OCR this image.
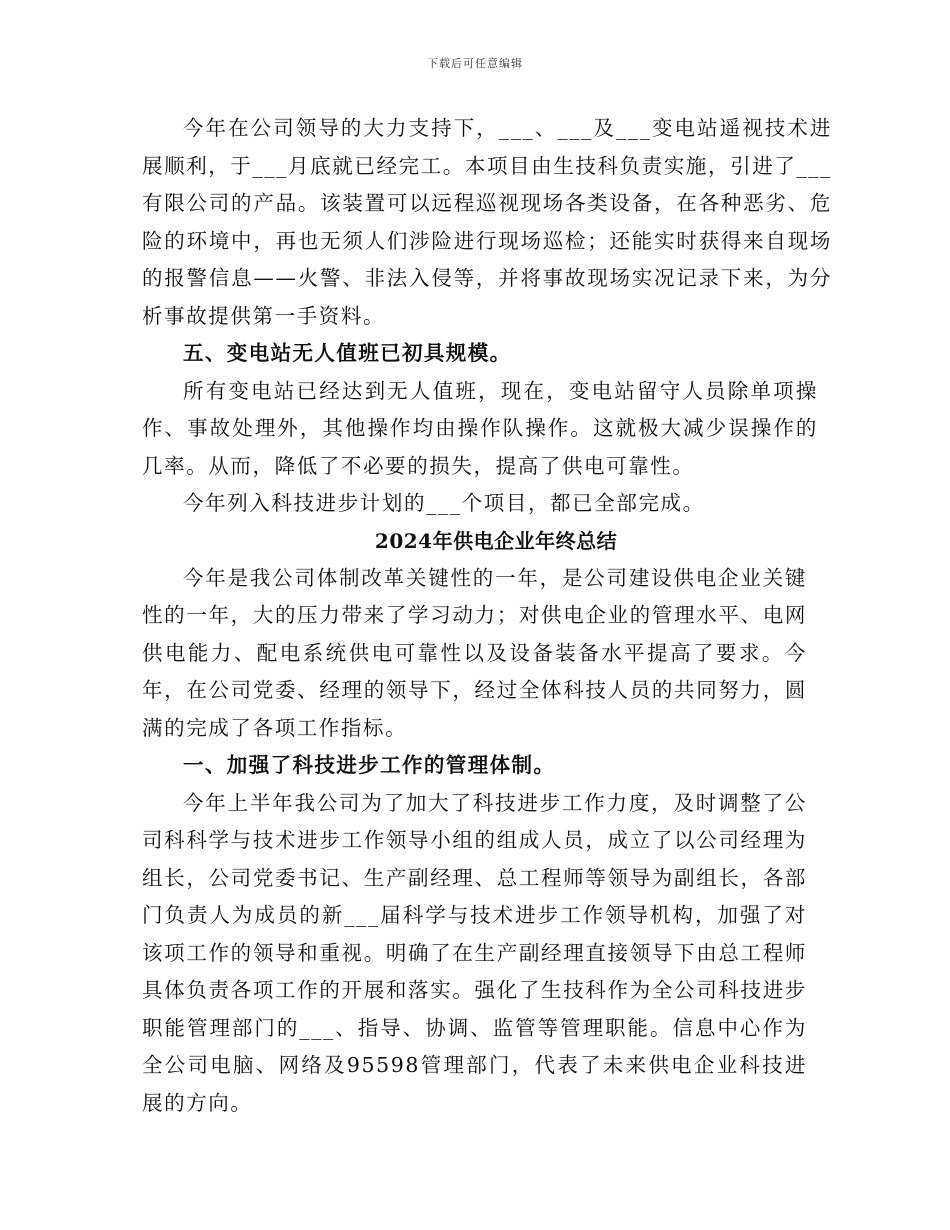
下载后可任意编辑

今年在公司领导的大力支持下，___、___及___变电站遥视技术进展顺利，于___月底就已经完工。本项目由生技科负责实施，引进了___有限公司的产品。该装置可以远程巡视现场各类设备，在各种恶劣、危险的环境中，再也无须人们涉险进行现场巡检；还能实时获得来自现场的报警信息——火警、非法入侵等，并将事故现场实况记录下来，为分析事故提供第一手资料。

五、变电站无人值班已初具规模。

所有变电站已经达到无人值班，现在，变电站留守人员除单项操作、事故处理外，其他操作均由操作队操作。这就极大减少误操作的几率。从而，降低了不必要的损失，提高了供电可靠性。

今年列入科技进步计划的___个项目，都已全部完成。

2024年供电企业年终总结

今年是我公司体制改革关键性的一年，是公司建设供电企业关键性的一年，大的压力带来了学习动力；对供电企业的管理水平、电网供电能力、配电系统供电可靠性以及设备装备水平提高了要求。今年，在公司党委、经理的领导下，经过全体科技人员的共同努力，圆满的完成了各项工作指标。

一、加强了科技进步工作的管理体制。

今年上半年我公司为了加大了科技进步工作力度，及时调整了公司科科学与技术进步工作领导小组的组成人员，成立了以公司经理为组长，公司党委书记、生产副经理、总工程师等领导为副组长，各部门负责人为成员的新___届科学与技术进步工作领导机构，加强了对该项工作的领导和重视。明确了在生产副经理直接领导下由总工程师具体负责各项工作的开展和落实。强化了生技科作为全公司科技进步职能管理部门的___、指导、协调、监管等管理职能。信息中心作为全公司电脑、网络及95598管理部门，代表了未来供电企业科技进展的方向。
